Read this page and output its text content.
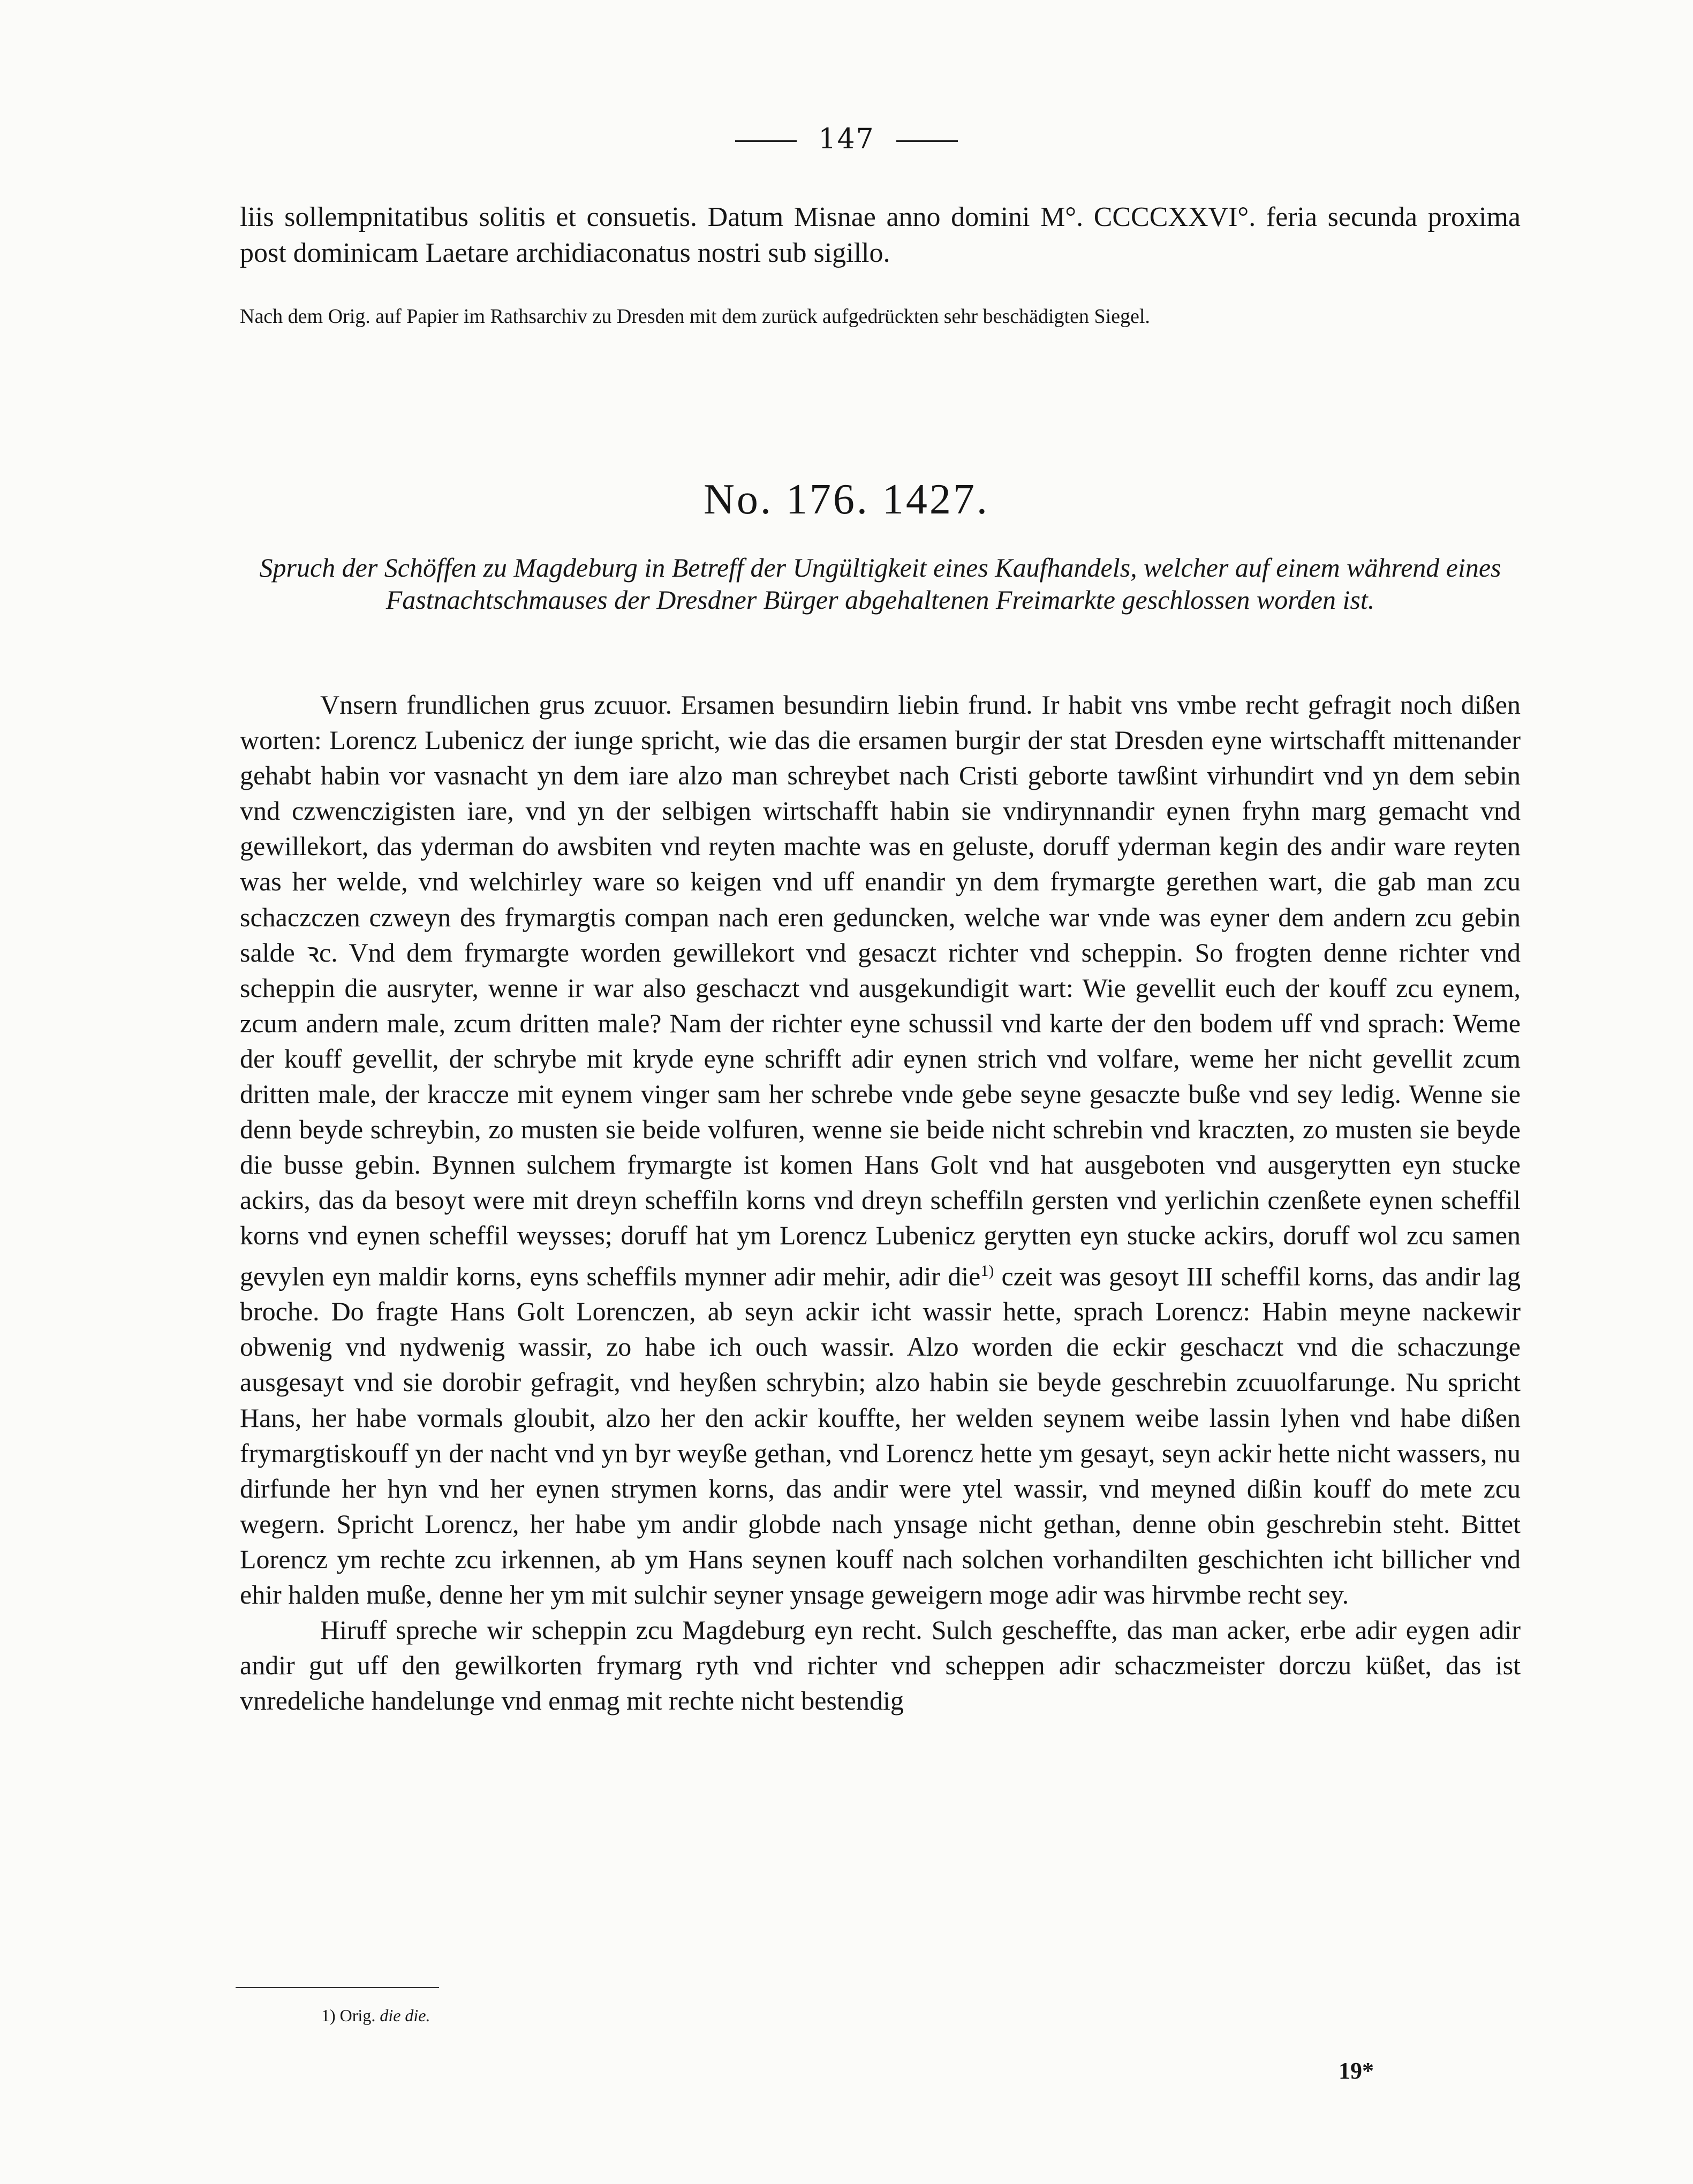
147
liis sollempnitatibus solitis et consuetis. Datum Misnae anno domini M°. CCCCXXVI°. feria secunda proxima post dominicam Laetare archidiaconatus nostri sub sigillo.
Nach dem Orig. auf Papier im Rathsarchiv zu Dresden mit dem zurück aufgedrückten sehr beschädigten Siegel.
No. 176. 1427.
Spruch der Schöffen zu Magdeburg in Betreff der Ungültigkeit eines Kaufhandels, welcher auf einem während eines Fastnachtschmauses der Dresdner Bürger abgehaltenen Freimarkte geschlossen worden ist.

Vnsern frundlichen grus zcuuor. Ersamen besundirn liebin frund. Ir habit vns vmbe recht gefragit noch dißen worten: Lorencz Lubenicz der iunge spricht, wie das die ersamen burgir der stat Dresden eyne wirtschafft mittenander gehabt habin vor vasnacht yn dem iare alzo man schreybet nach Cristi geborte tawßint virhundirt vnd yn dem sebin vnd czwenczigisten iare, vnd yn der selbigen wirtschafft habin sie vndirynnandir eynen fryhn marg gemacht vnd gewillekort, das yderman do awsbiten vnd reyten machte was en geluste, doruff yderman kegin des andir ware reyten was her welde, vnd welchirley ware so keigen vnd uff enandir yn dem frymargte gerethen wart, die gab man zcu schaczczen czweyn des frymargtis compan nach eren geduncken, welche war vnde was eyner dem andern zcu gebin salde ꝛc. Vnd dem frymargte worden gewillekort vnd gesaczt richter vnd scheppin. So frogten denne richter vnd scheppin die ausryter, wenne ir war also geschaczt vnd ausgekundigit wart: Wie gevellit euch der kouff zcu eynem, zcum andern male, zcum dritten male? Nam der richter eyne schussil vnd karte der den bodem uff vnd sprach: Weme der kouff gevellit, der schrybe mit kryde eyne schrifft adir eynen strich vnd volfare, weme her nicht gevellit zcum dritten male, der kraccze mit eynem vinger sam her schrebe vnde gebe seyne gesaczte buße vnd sey ledig. Wenne sie denn beyde schreybin, zo musten sie beide volfuren, wenne sie beide nicht schrebin vnd kraczten, zo musten sie beyde die busse gebin. Bynnen sulchem frymargte ist komen Hans Golt vnd hat ausgeboten vnd ausgerytten eyn stucke ackirs, das da besoyt were mit dreyn scheffiln korns vnd dreyn scheffiln gersten vnd yerlichin czenßete eynen scheffil korns vnd eynen scheffil weysses; doruff hat ym Lorencz Lubenicz gerytten eyn stucke ackirs, doruff wol zcu samen gevylen eyn maldir korns, eyns scheffils mynner adir mehir, adir die$^{1)}$ czeit was gesoyt III scheffil korns, das andir lag broche. Do fragte Hans Golt Lorenczen, ab seyn ackir icht wassir hette, sprach Lorencz: Habin meyne nackewir obwenig vnd nydwenig wassir, zo habe ich ouch wassir. Alzo worden die eckir geschaczt vnd die schaczunge ausgesayt vnd sie dorobir gefragit, vnd heyßen schrybin; alzo habin sie beyde geschrebin zcuuolfarunge. Nu spricht Hans, her habe vormals gloubit, alzo her den ackir kouffte, her welden seynem weibe lassin lyhen vnd habe dißen frymargtiskouff yn der nacht vnd yn byr weyße gethan, vnd Lorencz hette ym gesayt, seyn ackir hette nicht wassers, nu dirfunde her hyn vnd her eynen strymen korns, das andir were ytel wassir, vnd meyned dißin kouff do mete zcu wegern. Spricht Lorencz, her habe ym andir globde nach ynsage nicht gethan, denne obin geschrebin steht. Bittet Lorencz ym rechte zcu irkennen, ab ym Hans seynen kouff nach solchen vorhandilten geschichten icht billicher vnd ehir halden muße, denne her ym mit sulchir seyner ynsage geweigern moge adir was hirvmbe recht sey.

Hiruff spreche wir scheppin zcu Magdeburg eyn recht. Sulch gescheffte, das man acker, erbe adir eygen adir andir gut uff den gewilkorten frymarg ryth vnd richter vnd scheppen adir schaczmeister dorczu küßet, das ist vnredeliche handelunge vnd enmag mit rechte nicht bestendig

1) Orig. die die.
19*
